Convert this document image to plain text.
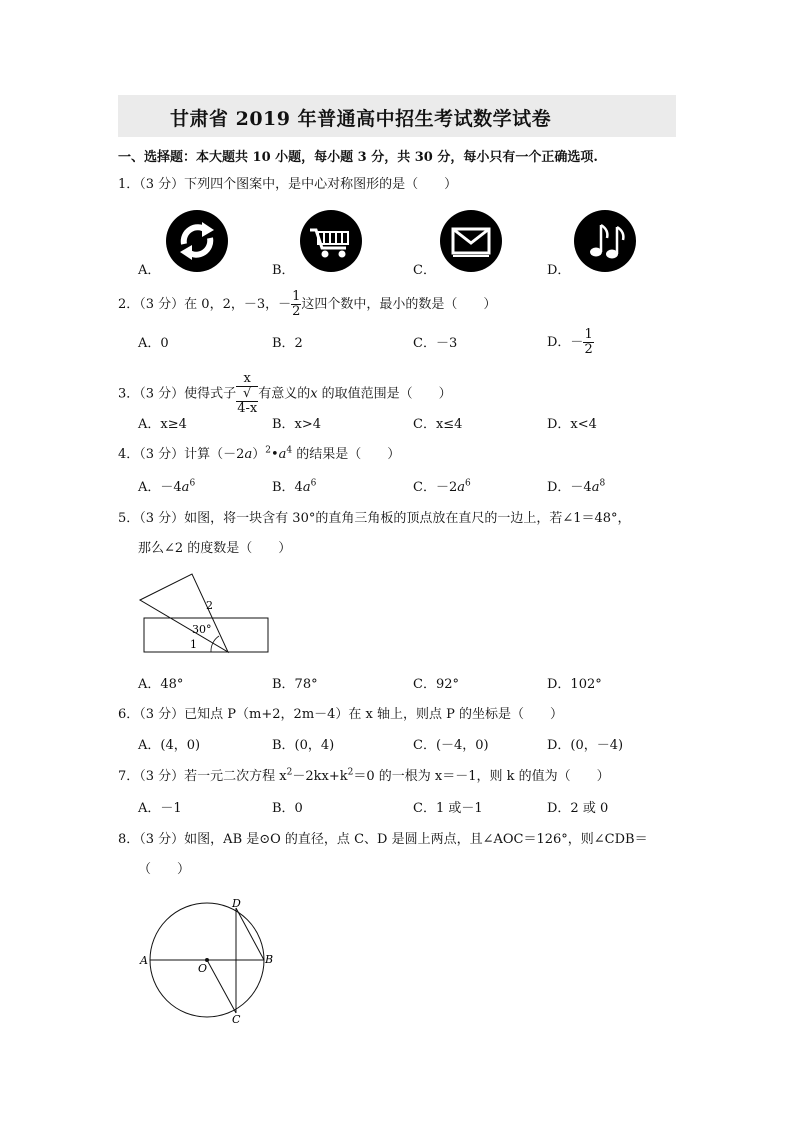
甘肃省 2019 年普通高中招生考试数学试卷
一、选择题：本大题共 10 小题，每小题 3 分，共 30 分，每小只有一个正确选项.
1．（3 分）下列四个图案中，是中心对称图形的是（　　）
A．	B．	C．	D．
2．（3 分）在 0，2，－3，－ $\frac{1}{2}$ 这四个数中，最小的数是（　　）
A．0	B．2	C．－3	D．－ $\frac{1}{2}$
3．（3 分）使得式子 x
√
4-x 有意义的x 的取值范围是（　　）
A．x≥4	B．x>4	C．x≤4	D．x<4
4．（3 分）计算$(-2a)^2•a^4$ 的结果是（　　）
A．$-4a^6$	B．$4a^6$	C．$-2a^6$	D．$-4a^8$
5．（3 分）如图，将一块含有 30°的直角三角板的顶点放在直尺的一边上，若∠1＝48°，
那么∠2 的度数是（　　）
2
30°
1
A．48°	B．78°	C．92°	D．102°
6．（3 分）已知点 P（m+2，2m－4）在 x 轴上，则点 P 的坐标是（　　）
A．(4，0)	B．(0，4)	C．(－4，0)	D．(0，－4)
7．（3 分）若一元二次方程 $x^2-2kx+k^2=0$ 的一根为 x＝－1，则 k 的值为（　　）
A．－1	B．0	C．1 或－1	D．2 或 0
8．（3 分）如图，AB 是⊙O 的直径，点 C、D 是圆上两点，且∠AOC＝126°，则∠CDB＝
（　　）
D
A
O
B
C
